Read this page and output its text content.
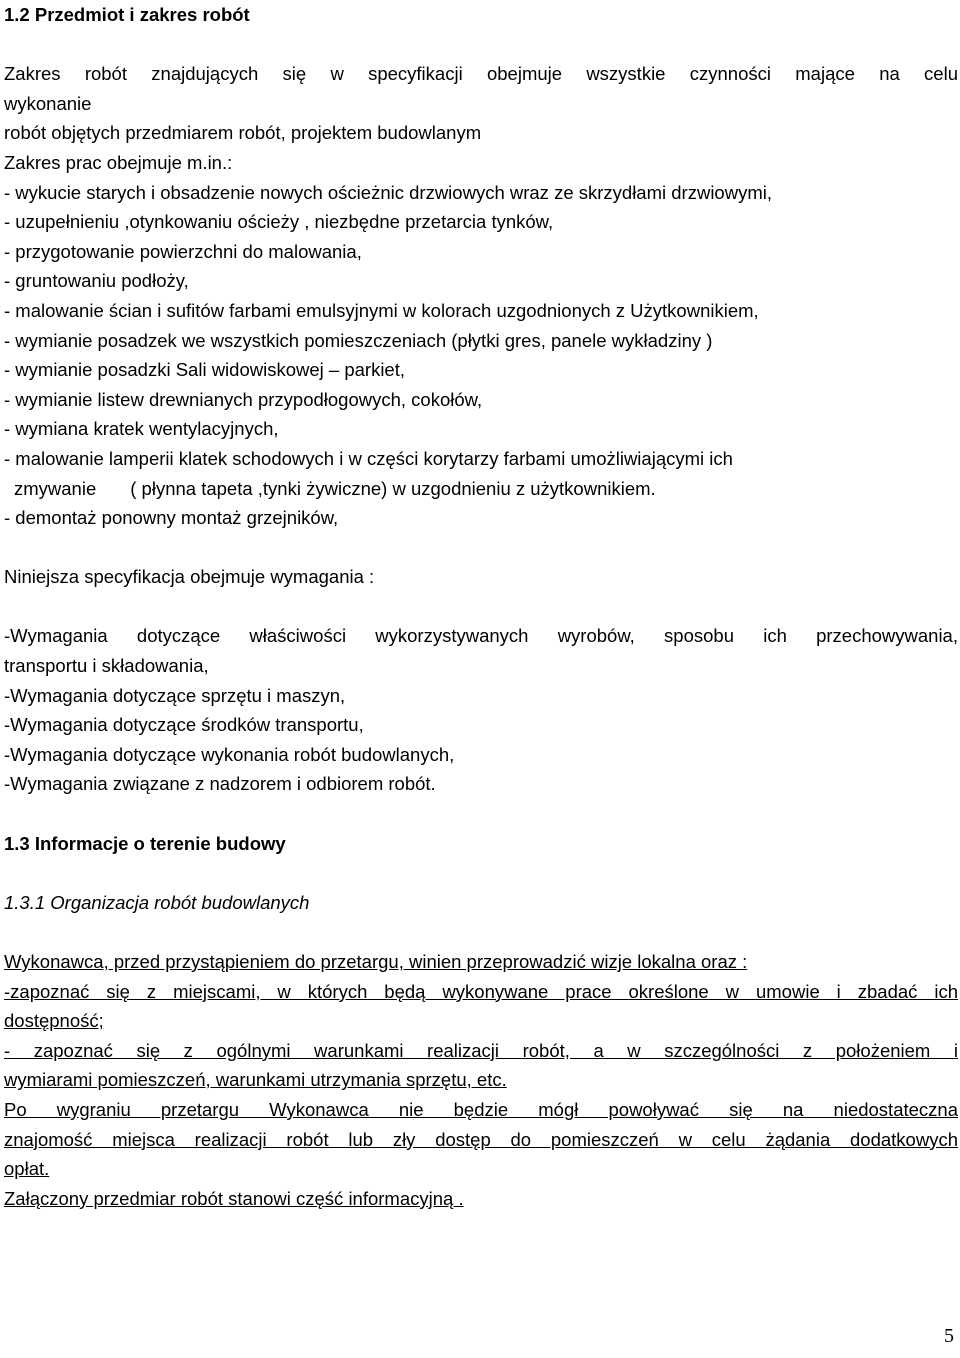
1.2 Przedmiot i zakres robót
Zakres robót znajdujących się w specyfikacji obejmuje wszystkie czynności mające na celu
wykonanie
robót objętych przedmiarem robót, projektem budowlanym
Zakres prac obejmuje m.in.:
- wykucie starych i obsadzenie nowych ościeżnic drzwiowych wraz ze skrzydłami drzwiowymi,
- uzupełnieniu ,otynkowaniu ościeży , niezbędne przetarcia tynków,
- przygotowanie powierzchni do malowania,
- gruntowaniu podłoży,
- malowanie ścian i sufitów farbami emulsyjnymi w kolorach uzgodnionych z Użytkownikiem,
- wymianie posadzek we wszystkich pomieszczeniach (płytki gres, panele wykładziny )
- wymianie posadzki Sali widowiskowej – parkiet,
- wymianie listew drewnianych przypodłogowych, cokołów,
- wymiana kratek wentylacyjnych,
- malowanie lamperii klatek schodowych i w części korytarzy farbami umożliwiającymi ich
zmywanie ( płynna tapeta ,tynki żywiczne) w uzgodnieniu z użytkownikiem.
- demontaż ponowny montaż grzejników,
Niniejsza specyfikacja obejmuje wymagania :
-Wymagania dotyczące właściwości wykorzystywanych wyrobów, sposobu ich przechowywania,
transportu i składowania,
-Wymagania dotyczące sprzętu i maszyn,
-Wymagania dotyczące środków transportu,
-Wymagania dotyczące wykonania robót budowlanych,
-Wymagania związane z nadzorem i odbiorem robót.
1.3 Informacje o terenie budowy
1.3.1 Organizacja robót budowlanych
Wykonawca, przed przystąpieniem do przetargu, winien przeprowadzić wizje lokalna oraz :
-zapoznać się z miejscami, w których będą wykonywane prace określone w umowie i zbadać ich
dostępność;
- zapoznać się z ogólnymi warunkami realizacji robót, a w szczególności z położeniem i
wymiarami pomieszczeń, warunkami utrzymania sprzętu, etc.
Po wygraniu przetargu Wykonawca nie będzie mógł powoływać się na niedostateczna
znajomość miejsca realizacji robót lub zły dostęp do pomieszczeń w celu żądania dodatkowych
opłat.
Załączony przedmiar robót stanowi część informacyjną .
5
